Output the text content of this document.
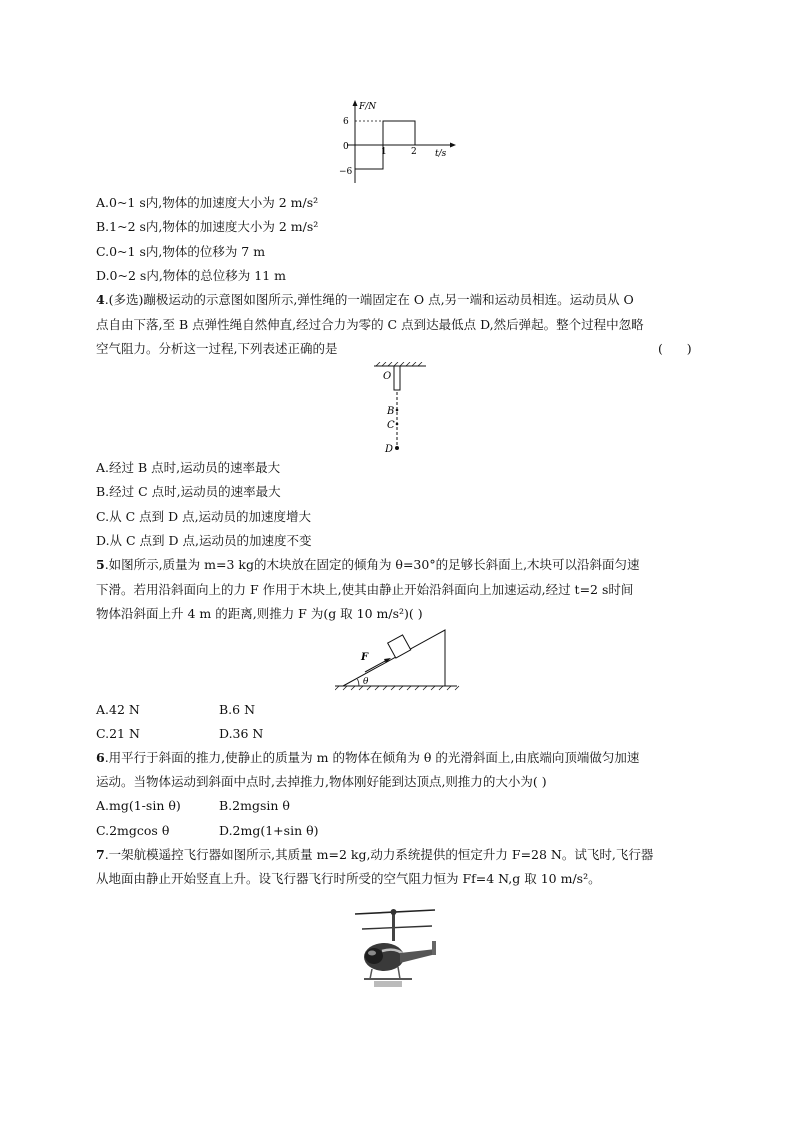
F/N
t/s
6
0
−6
1	2
A.0~1 s内,物体的加速度大小为 2 m/s²
B.1~2 s内,物体的加速度大小为 2 m/s²
C.0~1 s内,物体的位移为 7 m
D.0~2 s内,物体的总位移为 11 m
4.(多选)蹦极运动的示意图如图所示,弹性绳的一端固定在 O 点,另一端和运动员相连。运动员从 O
点自由下落,至 B 点弹性绳自然伸直,经过合力为零的 C 点到达最低点 D,然后弹起。整个过程中忽略
空气阻力。分析这一过程,下列表述正确的是	(      )
O
B
C
D
A.经过 B 点时,运动员的速率最大
B.经过 C 点时,运动员的速率最大
C.从 C 点到 D 点,运动员的加速度增大
D.从 C 点到 D 点,运动员的加速度不变
5.如图所示,质量为 m=3 kg的木块放在固定的倾角为 θ=30°的足够长斜面上,木块可以沿斜面匀速
下滑。若用沿斜面向上的力 F 作用于木块上,使其由静止开始沿斜面向上加速运动,经过 t=2 s时间
物体沿斜面上升 4 m 的距离,则推力 F 为(g 取 10 m/s²)( )
F
θ
A.42 N	B.6 N
C.21 N	D.36 N
6.用平行于斜面的推力,使静止的质量为 m 的物体在倾角为 θ 的光滑斜面上,由底端向顶端做匀加速
运动。当物体运动到斜面中点时,去掉推力,物体刚好能到达顶点,则推力的大小为( )
A.mg(1-sin θ)	B.2mgsin θ
C.2mgcos θ	D.2mg(1+sin θ)
7.一架航模遥控飞行器如图所示,其质量 m=2 kg,动力系统提供的恒定升力 F=28 N。试飞时,飞行器
从地面由静止开始竖直上升。设飞行器飞行时所受的空气阻力恒为 Ff=4 N,g 取 10 m/s²。
